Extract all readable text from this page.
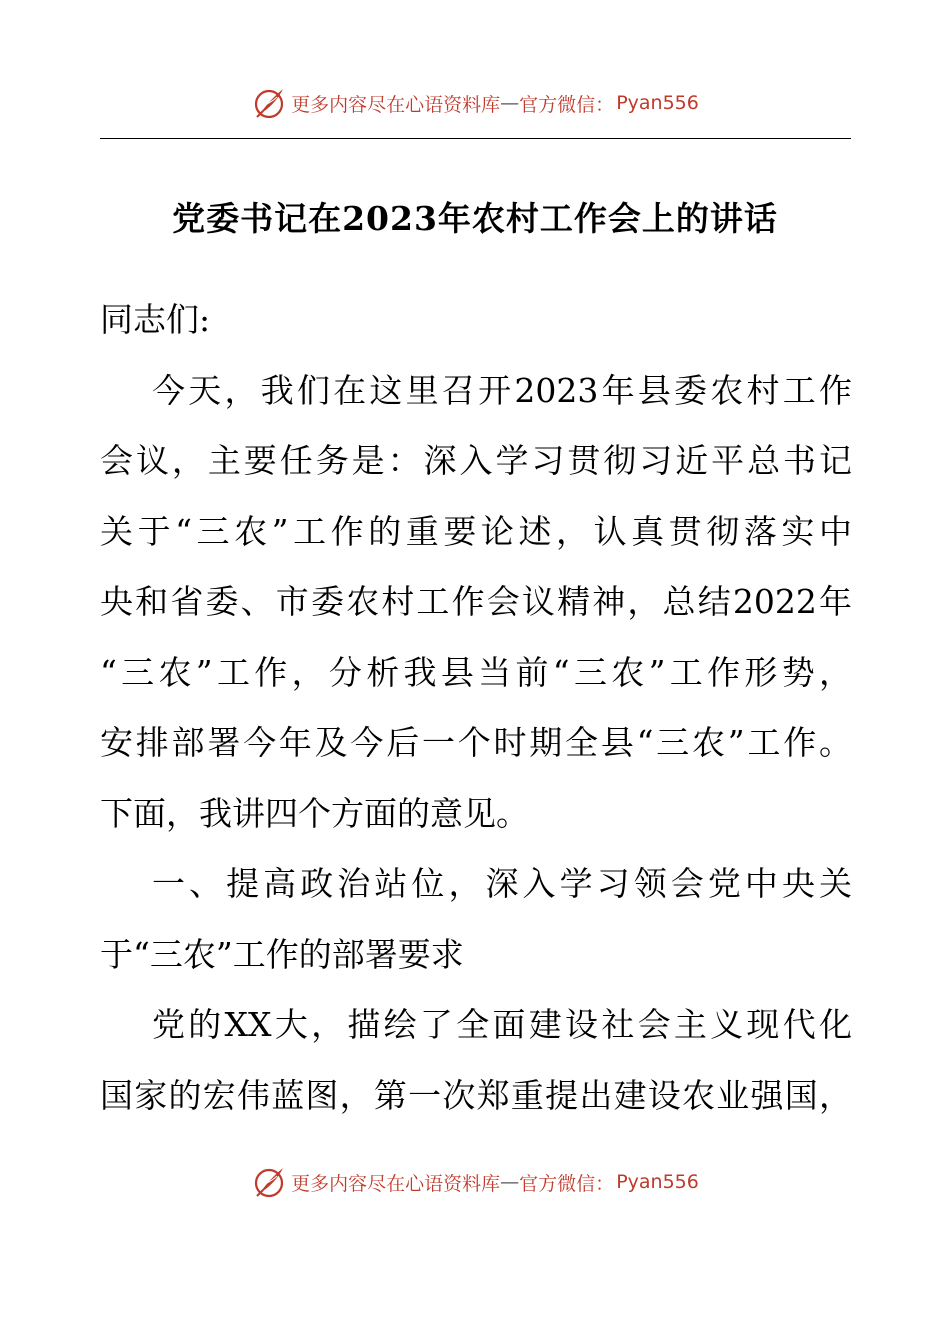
更多内容尽在心语资料库 — 官方微信： Pyan556
党委书记在2023年农村工作会上的讲话
同志们:
今天，我们在这里召开2023年县委农村工作
会议，主要任务是：深入学习贯彻习近平总书记
关于“三农”工作的重要论述，认真贯彻落实中
央和省委、市委农村工作会议精神，总结2022年
“三农”工作，分析我县当前“三农”工作形势，
安排部署今年及今后一个时期全县“三农”工作。
下面，我讲四个方面的意见。
一、提高政治站位，深入学习领会党中央关
于“三农”工作的部署要求
党的XX大，描绘了全面建设社会主义现代化
国家的宏伟蓝图，第一次郑重提出建设农业强国，
更多内容尽在心语资料库 — 官方微信： Pyan556
